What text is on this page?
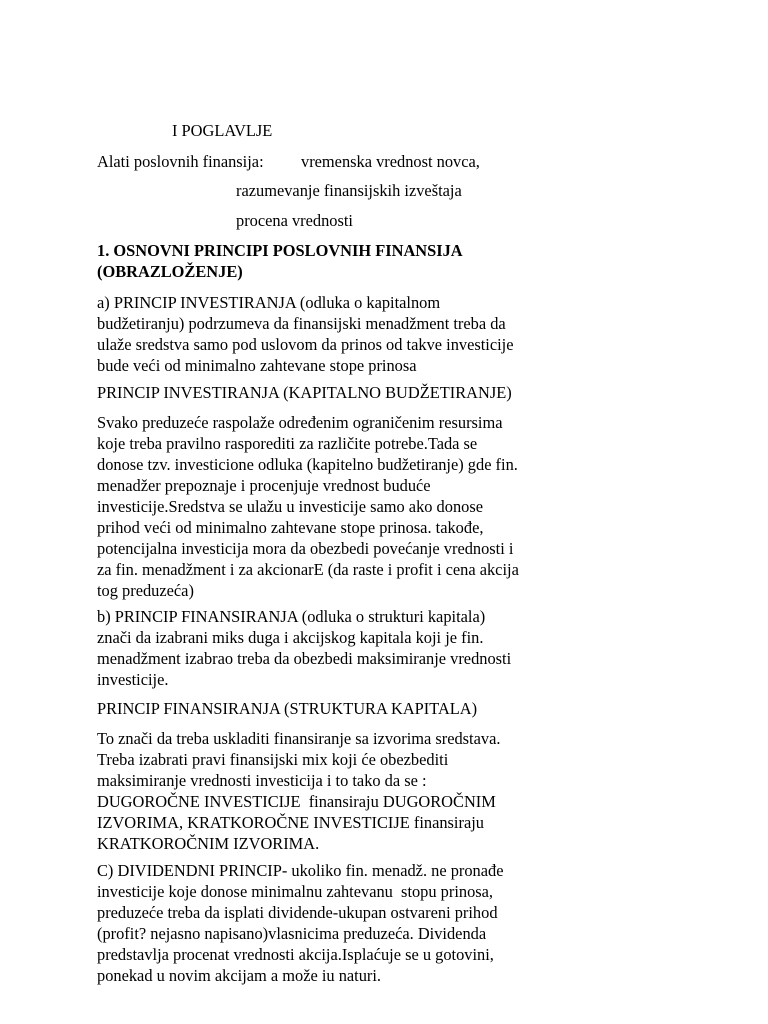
I POGLAVLJE
Alati poslovnih finansija: vremenska vrednost novca,
razumevanje finansijskih izveštaja
procena vrednosti
1. OSNOVNI PRINCIPI POSLOVNIH FINANSIJA
(OBRAZLOŽENJE)
a) PRINCIP INVESTIRANJA (odluka o kapitalnom
budžetiranju) podrzumeva da finansijski menadžment treba da
ulaže sredstva samo pod uslovom da prinos od takve investicije
bude veći od minimalno zahtevane stope prinosa
PRINCIP INVESTIRANJA (KAPITALNO BUDŽETIRANJE)
Svako preduzeće raspolaže određenim ograničenim resursima
koje treba pravilno rasporediti za različite potrebe.Tada se
donose tzv. investicione odluka (kapitelno budžetiranje) gde fin.
menadžer prepoznaje i procenjuje vrednost buduće
investicije.Sredstva se ulažu u investicije samo ako donose
prihod veći od minimalno zahtevane stope prinosa. takođe,
potencijalna investicija mora da obezbedi povećanje vrednosti i
za fin. menadžment i za akcionarE (da raste i profit i cena akcija
tog preduzeća)
b) PRINCIP FINANSIRANJA (odluka o strukturi kapitala)
znači da izabrani miks duga i akcijskog kapitala koji je fin.
menadžment izabrao treba da obezbedi maksimiranje vrednosti
investicije.
PRINCIP FINANSIRANJA (STRUKTURA KAPITALA)
To znači da treba uskladiti finansiranje sa izvorima sredstava.
Treba izabrati pravi finansijski mix koji će obezbediti
maksimiranje vrednosti investicija i to tako da se :
DUGOROČNE INVESTICIJE  finansiraju DUGOROČNIM
IZVORIMA, KRATKOROČNE INVESTICIJE finansiraju
KRATKOROČNIM IZVORIMA.
C) DIVIDENDNI PRINCIP- ukoliko fin. menadž. ne pronađe
investicije koje donose minimalnu zahtevanu  stopu prinosa,
preduzeće treba da isplati dividende-ukupan ostvareni prihod
(profit? nejasno napisano)vlasnicima preduzeća. Dividenda
predstavlja procenat vrednosti akcija.Isplaćuje se u gotovini,
ponekad u novim akcijam a može iu naturi.
